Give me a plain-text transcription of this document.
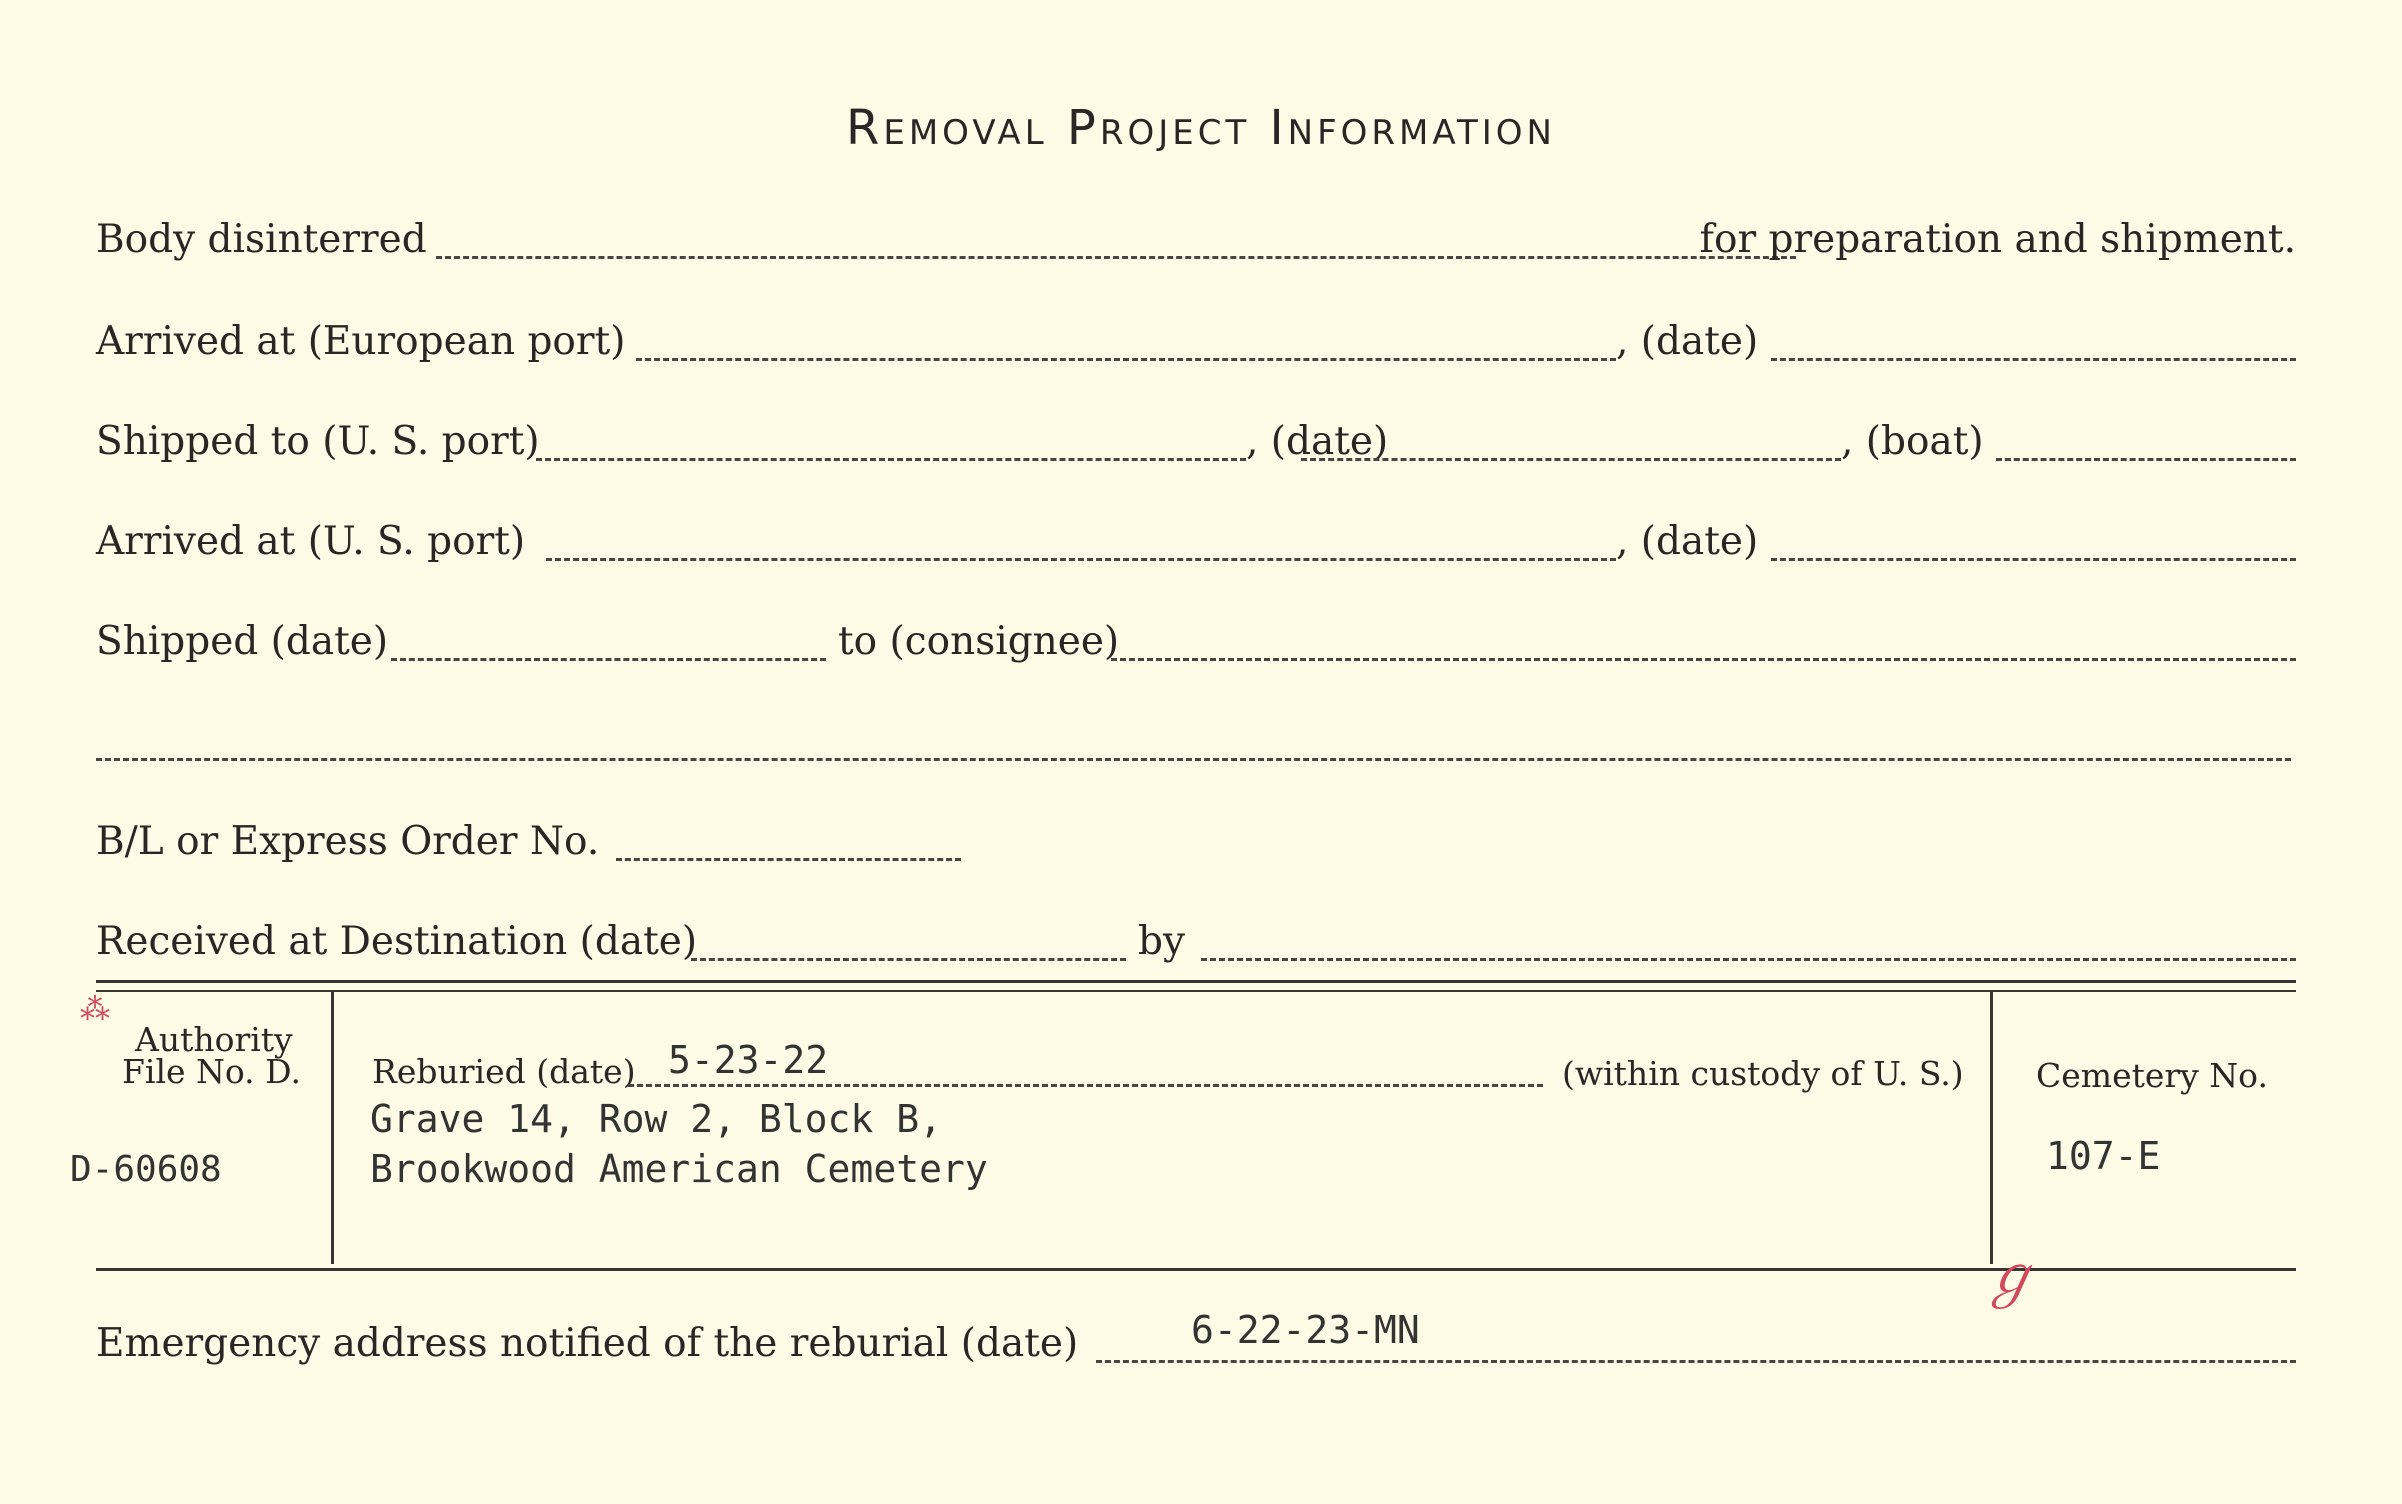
Removal Project Information
Body disinterred	for preparation and shipment.
Arrived at (European port)	, (date)
Shipped to (U. S. port)	, (date)	, (boat)
Arrived at (U. S. port)	, (date)
Shipped (date)	to (consignee)
B/L or Express Order No.
Received at Destination (date)	by
Authority
File No. D.
D-60608
⁂
Reburied (date) 5-23-22	(within custody of U. S.)
Grave 14, Row 2, Block B,
Brookwood American Cemetery
Cemetery No.
107-E
ℊ
Emergency address notified of the reburial (date)	6-22-23-MN
